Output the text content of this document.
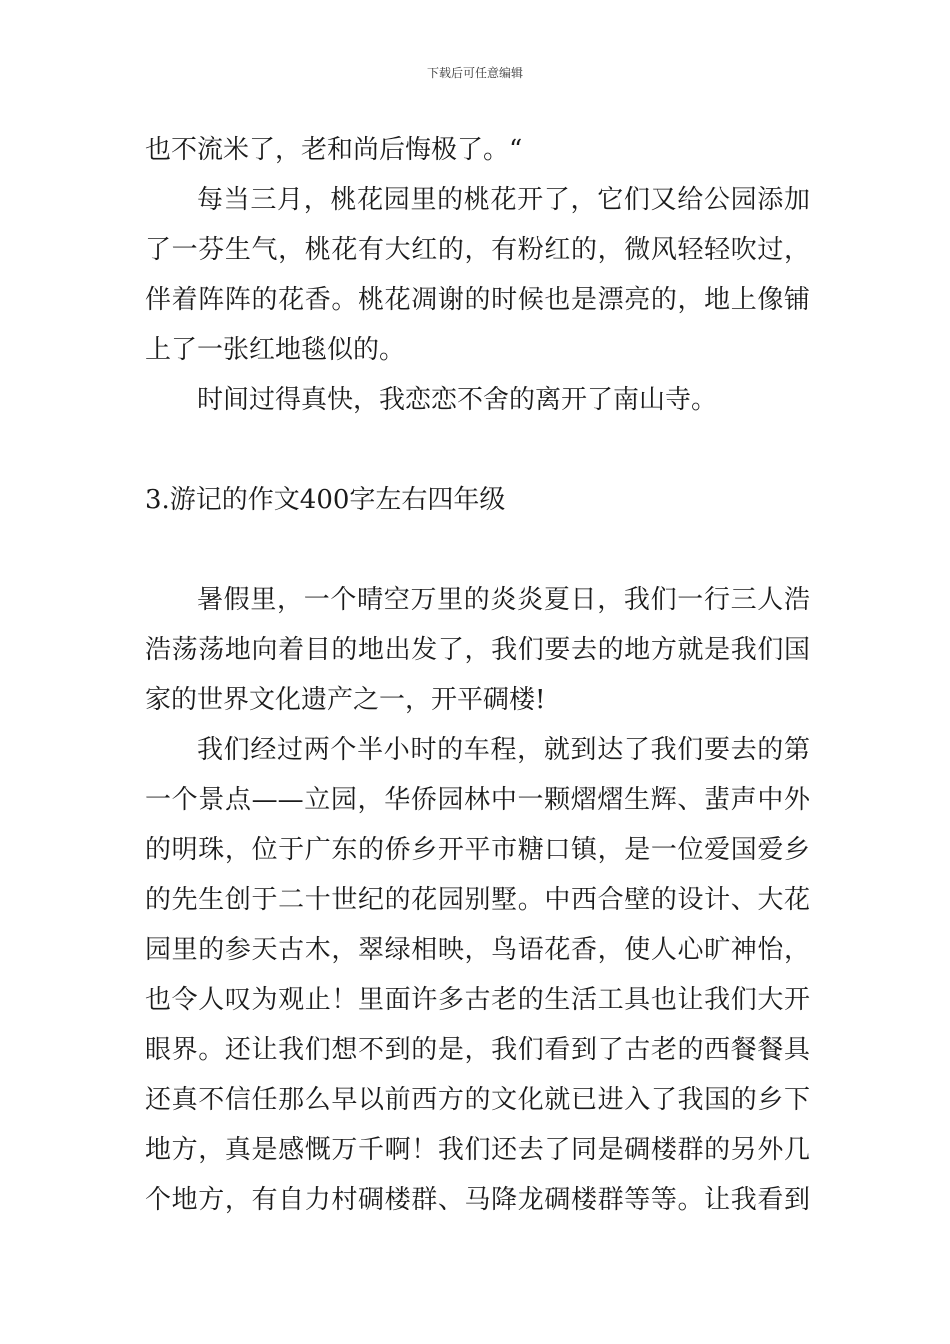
下载后可任意编辑
也不流米了，老和尚后悔极了。“
每当三月，桃花园里的桃花开了，它们又给公园添加
了一芬生气，桃花有大红的，有粉红的，微风轻轻吹过，
伴着阵阵的花香。桃花凋谢的时候也是漂亮的，地上像铺
上了一张红地毯似的。
时间过得真快，我恋恋不舍的离开了南山寺。
3.游记的作文400字左右四年级
暑假里，一个晴空万里的炎炎夏日，我们一行三人浩
浩荡荡地向着目的地出发了，我们要去的地方就是我们国
家的世界文化遗产之一，开平碉楼!
我们经过两个半小时的车程，就到达了我们要去的第
一个景点——立园，华侨园林中一颗熠熠生辉、蜚声中外
的明珠，位于广东的侨乡开平市糖口镇，是一位爱国爱乡
的先生创于二十世纪的花园别墅。中西合壁的设计、大花
园里的参天古木，翠绿相映，鸟语花香，使人心旷神怡，
也令人叹为观止！里面许多古老的生活工具也让我们大开
眼界。还让我们想不到的是，我们看到了古老的西餐餐具
还真不信任那么早以前西方的文化就已进入了我国的乡下
地方，真是感慨万千啊！我们还去了同是碉楼群的另外几
个地方，有自力村碉楼群、马降龙碉楼群等等。让我看到
